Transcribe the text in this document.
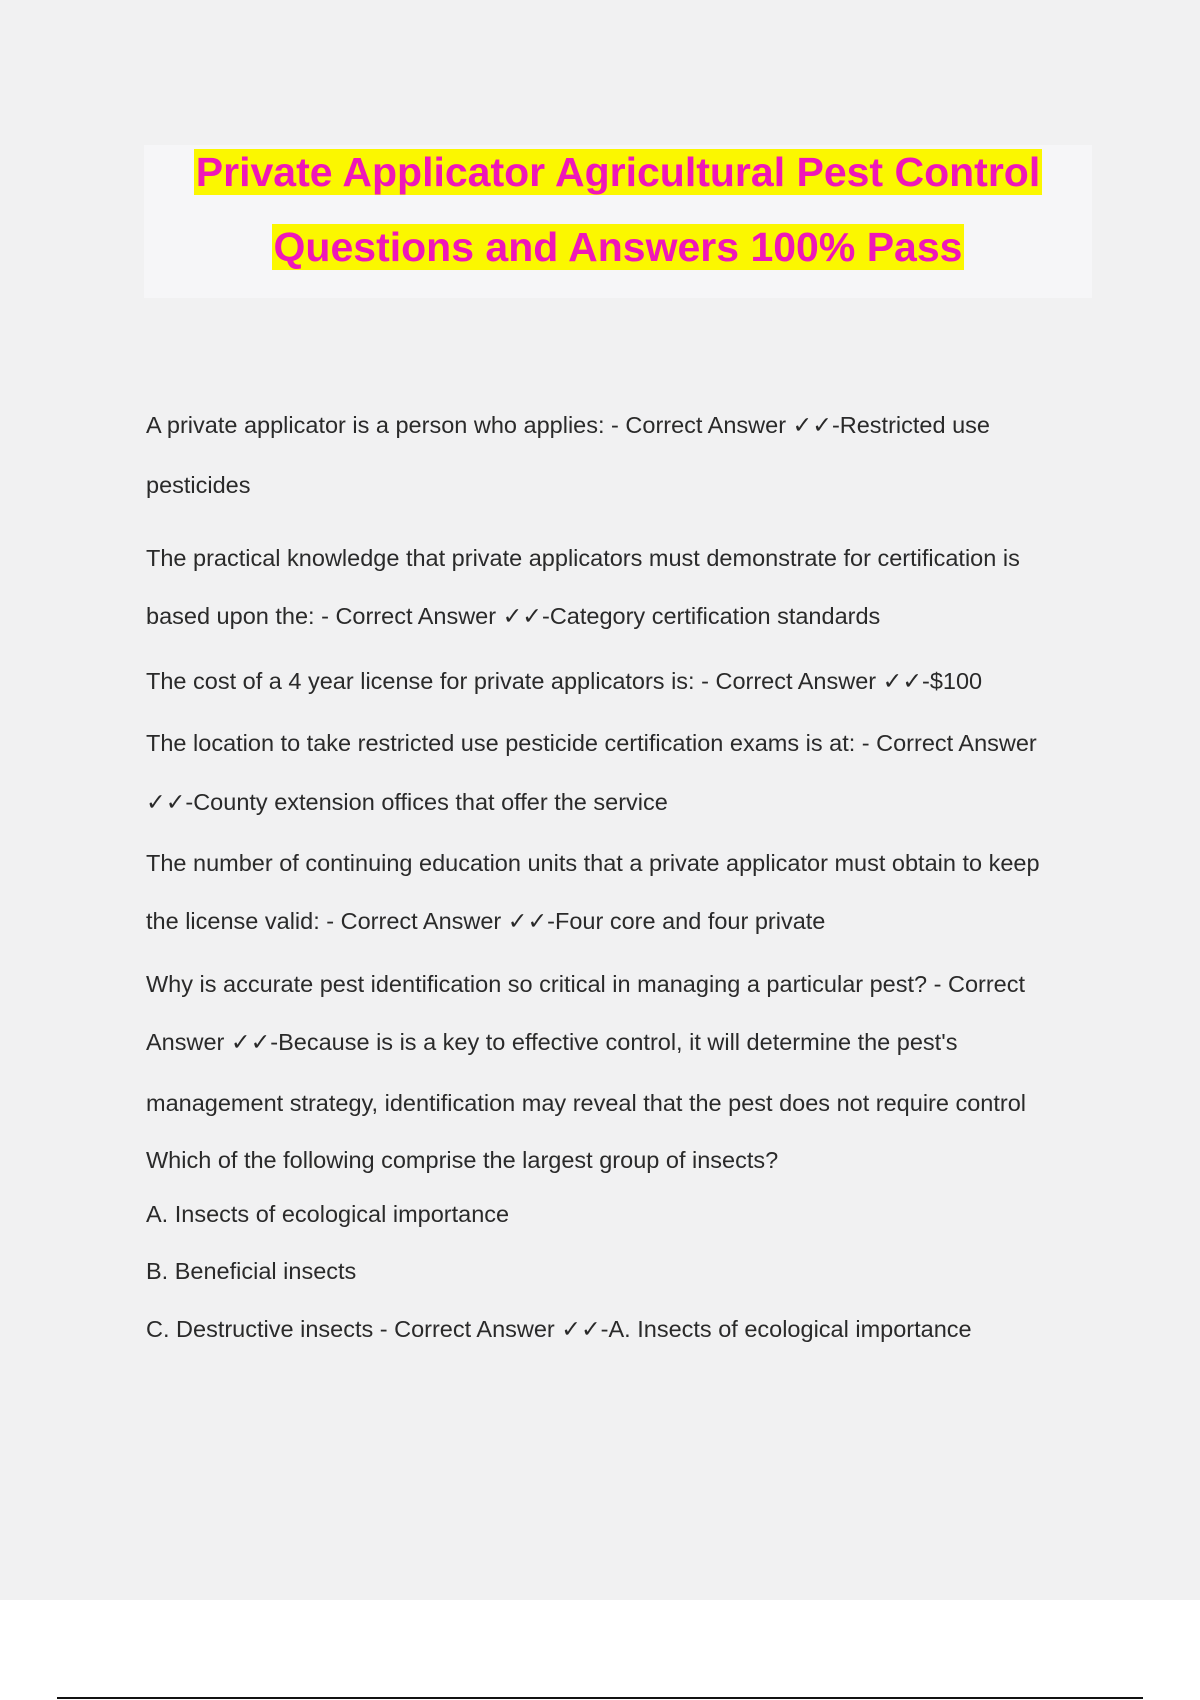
Private Applicator Agricultural Pest Control
Questions and Answers 100% Pass
A private applicator is a person who applies: - Correct Answer ✓✓-Restricted use
pesticides
The practical knowledge that private applicators must demonstrate for certification is
based upon the: - Correct Answer ✓✓-Category certification standards
The cost of a 4 year license for private applicators is: - Correct Answer ✓✓-$100
The location to take restricted use pesticide certification exams is at: - Correct Answer
✓✓-County extension offices that offer the service
The number of continuing education units that a private applicator must obtain to keep
the license valid: - Correct Answer ✓✓-Four core and four private
Why is accurate pest identification so critical in managing a particular pest? - Correct
Answer ✓✓-Because is is a key to effective control, it will determine the pest's
management strategy, identification may reveal that the pest does not require control
Which of the following comprise the largest group of insects?
A. Insects of ecological importance
B. Beneficial insects
C. Destructive insects - Correct Answer ✓✓-A. Insects of ecological importance
